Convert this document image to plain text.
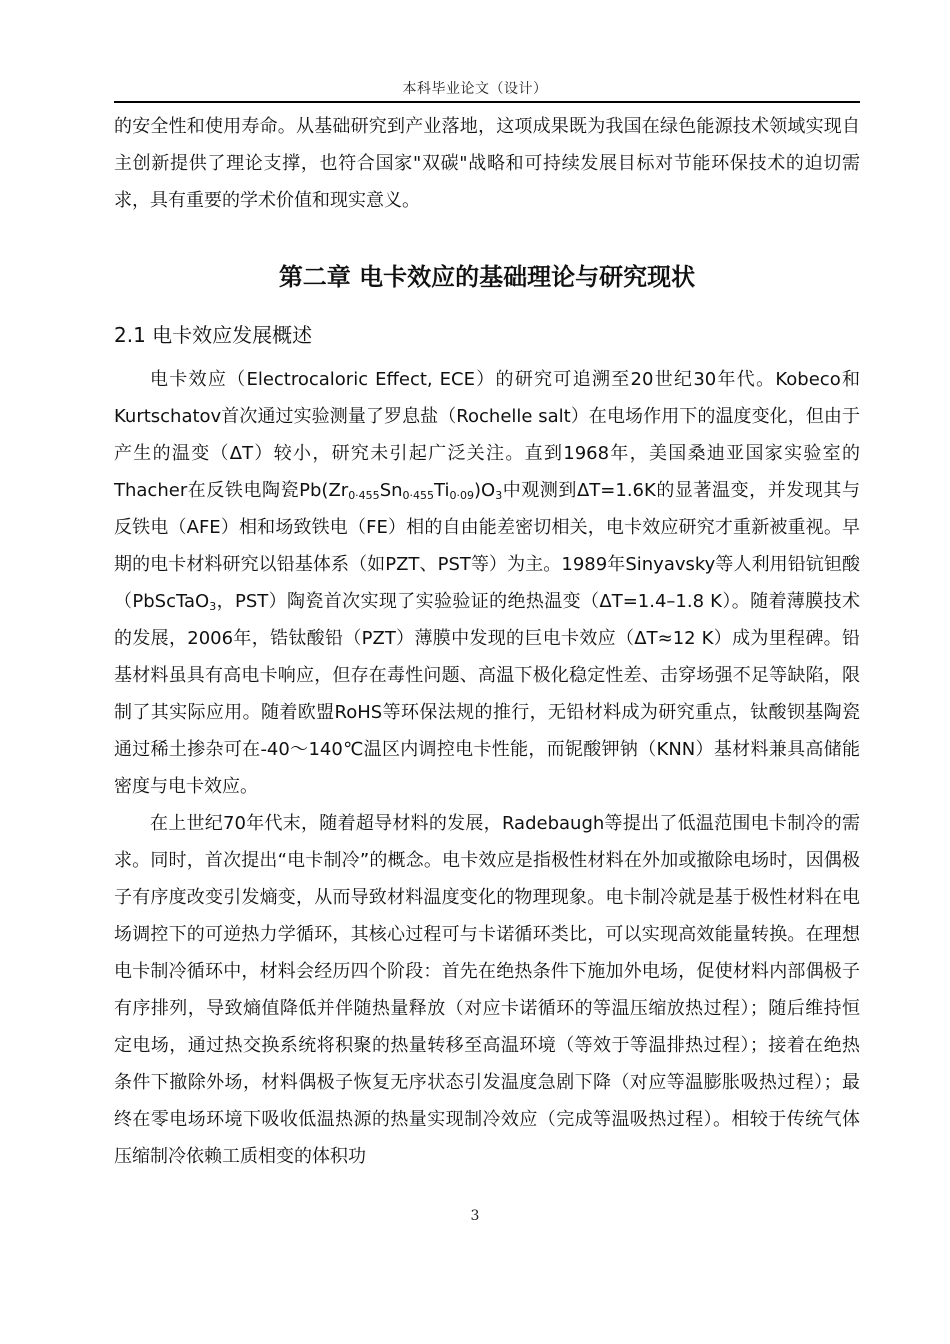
本科毕业论文（设计）

的安全性和使用寿命。从基础研究到产业落地，这项成果既为我国在绿色能源技术领域实现自主创新提供了理论支撑，也符合国家"双碳"战略和可持续发展目标对节能环保技术的迫切需求，具有重要的学术价值和现实意义。

第二章 电卡效应的基础理论与研究现状
2.1 电卡效应发展概述

电卡效应（Electrocaloric Effect, ECE）的研究可追溯至20世纪30年代。Kobeco和Kurtschatov首次通过实验测量了罗息盐（Rochelle salt）在电场作用下的温度变化，但由于产生的温变（ΔT）较小，研究未引起广泛关注。直到1968年，美国桑迪亚国家实验室的Thacher在反铁电陶瓷$Pb(Zr_{0\cdot 455}Sn_{0\cdot 455}Ti_{0\cdot 09})O_3$中观测到ΔT=1.6K的显著温变，并发现其与反铁电（AFE）相和场致铁电（FE）相的自由能差密切相关，电卡效应研究才重新被重视。早期的电卡材料研究以铅基体系（如PZT、PST等）为主。1989年Sinyavsky等人利用铅钪钽酸（PbScTaO$_3$，PST）陶瓷首次实现了实验验证的绝热温变（ΔT=1.4–1.8 K）。随着薄膜技术的发展，2006年，锆钛酸铅（PZT）薄膜中发现的巨电卡效应（ΔT≈12 K）成为里程碑。铅基材料虽具有高电卡响应，但存在毒性问题、高温下极化稳定性差、击穿场强不足等缺陷，限制了其实际应用。随着欧盟RoHS等环保法规的推行，无铅材料成为研究重点，钛酸钡基陶瓷通过稀土掺杂可在-40～140℃温区内调控电卡性能，而铌酸钾钠（KNN）基材料兼具高储能密度与电卡效应。

在上世纪70年代末，随着超导材料的发展，Radebaugh等提出了低温范围电卡制冷的需求。同时，首次提出“电卡制冷”的概念。电卡效应是指极性材料在外加或撤除电场时，因偶极子有序度改变引发熵变，从而导致材料温度变化的物理现象。电卡制冷就是基于极性材料在电场调控下的可逆热力学循环，其核心过程可与卡诺循环类比，可以实现高效能量转换。在理想电卡制冷循环中，材料会经历四个阶段：首先在绝热条件下施加外电场，促使材料内部偶极子有序排列，导致熵值降低并伴随热量释放（对应卡诺循环的等温压缩放热过程）；随后维持恒定电场，通过热交换系统将积聚的热量转移至高温环境（等效于等温排热过程）；接着在绝热条件下撤除外场，材料偶极子恢复无序状态引发温度急剧下降（对应等温膨胀吸热过程）；最终在零电场环境下吸收低温热源的热量实现制冷效应（完成等温吸热过程）。相较于传统气体压缩制冷依赖工质相变的体积功

3
